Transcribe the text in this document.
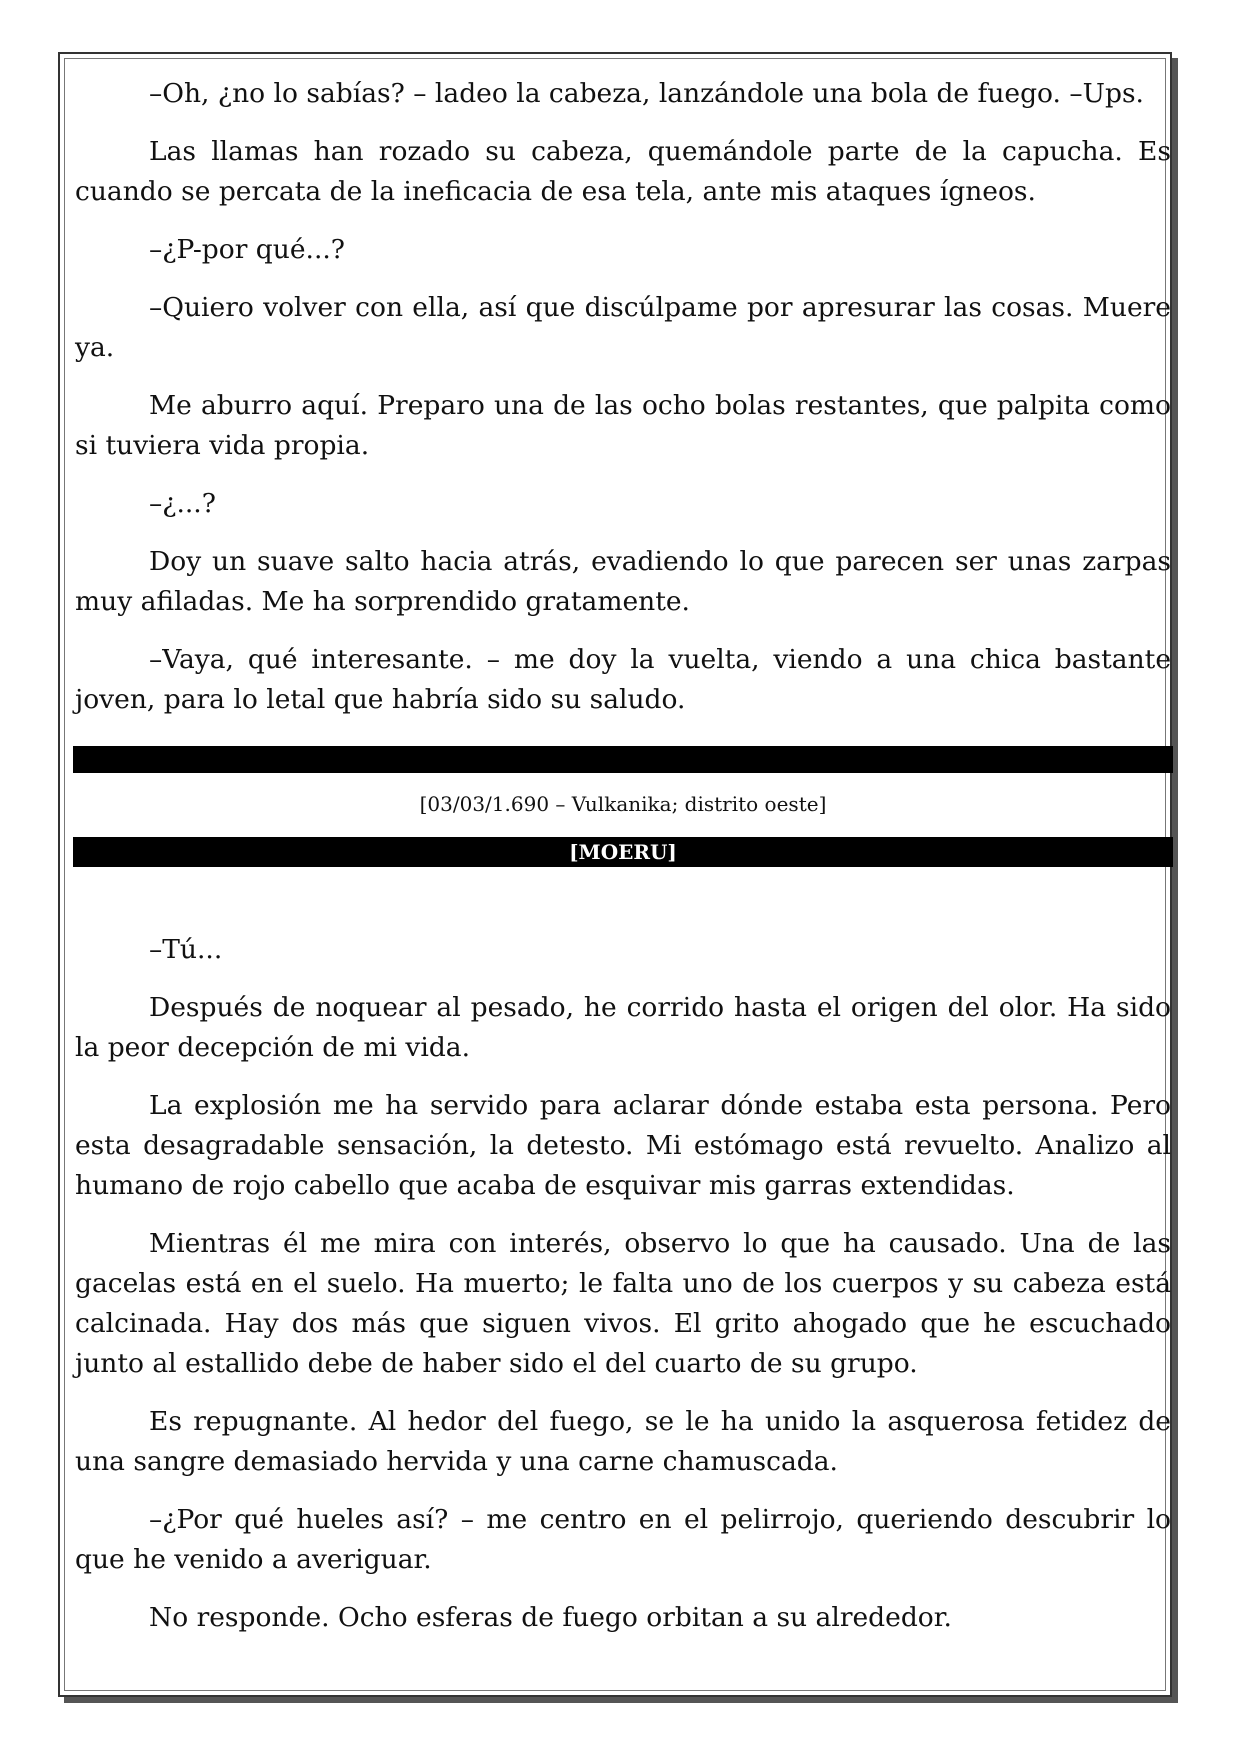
–Oh, ¿no lo sabías? – ladeo la cabeza, lanzándole una bola de fuego. –Ups.

Las llamas han rozado su cabeza, quemándole parte de la capucha. Es cuando se percata de la ineficacia de esa tela, ante mis ataques ígneos.

–¿P-por qué...?

–Quiero volver con ella, así que discúlpame por apresurar las cosas. Muere ya.

Me aburro aquí. Preparo una de las ocho bolas restantes, que palpita como si tuviera vida propia.

–¿...?

Doy un suave salto hacia atrás, evadiendo lo que parecen ser unas zarpas muy afiladas. Me ha sorprendido gratamente.

–Vaya, qué interesante. – me doy la vuelta, viendo a una chica bastante joven, para lo letal que habría sido su saludo.

[03/03/1.690 – Vulkanika; distrito oeste]
[MOERU]

–Tú...

Después de noquear al pesado, he corrido hasta el origen del olor. Ha sido la peor decepción de mi vida.

La explosión me ha servido para aclarar dónde estaba esta persona. Pero esta desagradable sensación, la detesto. Mi estómago está revuelto. Analizo al humano de rojo cabello que acaba de esquivar mis garras extendidas.

Mientras él me mira con interés, observo lo que ha causado. Una de las gacelas está en el suelo. Ha muerto; le falta uno de los cuerpos y su cabeza está calcinada. Hay dos más que siguen vivos. El grito ahogado que he escuchado junto al estallido debe de haber sido el del cuarto de su grupo.

Es repugnante. Al hedor del fuego, se le ha unido la asquerosa fetidez de una sangre demasiado hervida y una carne chamuscada.

–¿Por qué hueles así? – me centro en el pelirrojo, queriendo descubrir lo que he venido a averiguar.

No responde. Ocho esferas de fuego orbitan a su alrededor.
